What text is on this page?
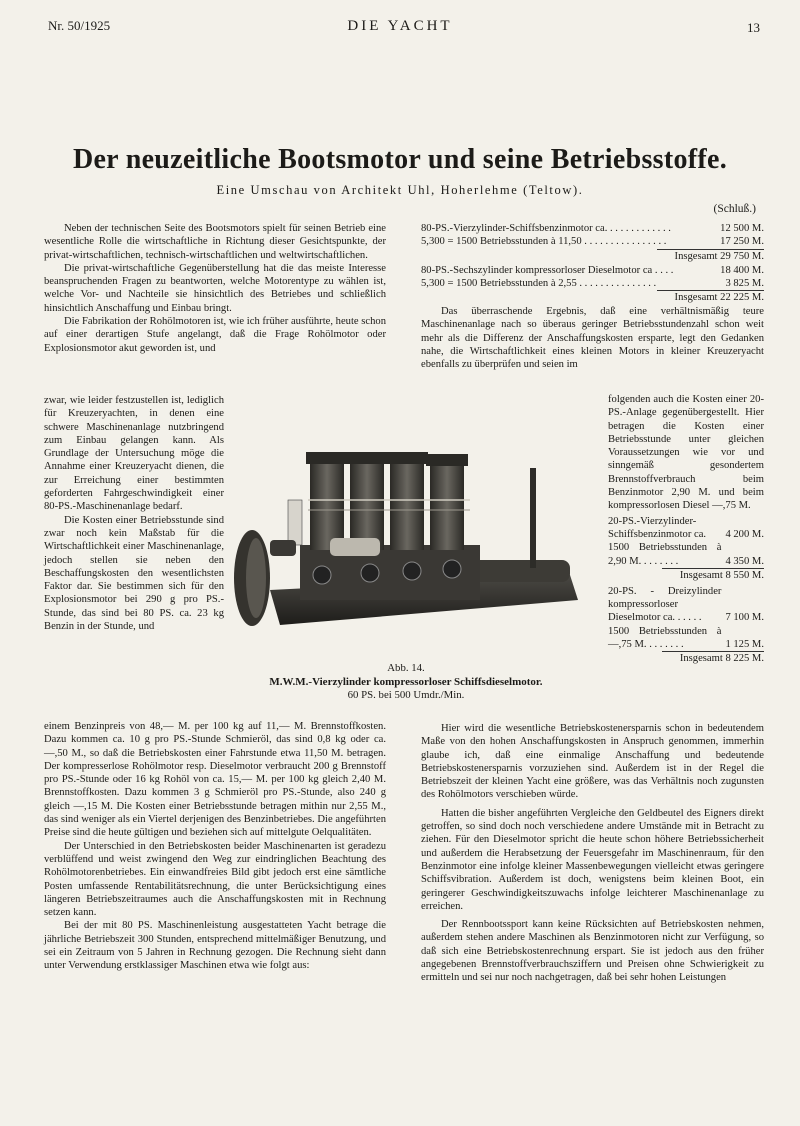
Nr. 50/1925	DIE YACHT	13
Der neuzeitliche Bootsmotor und seine Betriebsstoffe.
Eine Umschau von Architekt Uhl, Hoherlehme (Teltow).
(Schluß.)

Neben der technischen Seite des Bootsmotors spielt für seinen Betrieb eine wesentliche Rolle die wirtschaftliche in Richtung dieser Gesichtspunkte, der privat-wirtschaftlichen, technisch-wirtschaftlichen und weltwirtschaftlichen.

Die privat-wirtschaftliche Gegenüberstellung hat die das meiste Interesse beanspruchenden Fragen zu beantworten, welche Motorentype zu wählen ist, welche Vor- und Nachteile sie hinsichtlich des Betriebes und schließlich hinsichtlich Anschaffung und Einbau bringt.

Die Fabrikation der Rohölmotoren ist, wie ich früher ausführte, heute schon auf einer derartigen Stufe angelangt, daß die Frage Rohölmotor oder Explosionsmotor akut geworden ist, und

zwar, wie leider festzustellen ist, lediglich für Kreuzeryachten, in denen eine schwere Maschinenanlage nutzbringend zum Einbau gelangen kann. Als Grundlage der Untersuchung möge die Annahme einer Kreuzeryacht dienen, die zur Erreichung einer bestimmten geforderten Fahrgeschwindigkeit einer 80-PS.-Maschinenanlage bedarf.

Die Kosten einer Betriebsstunde sind zwar noch kein Maßstab für die Wirtschaftlichkeit einer Maschinenanlage, jedoch stellen sie neben den Beschaffungskosten den wesentlichsten Faktor dar. Sie bestimmen sich für den Explosionsmotor bei 290 g pro PS.-Stunde, das sind bei 80 PS. ca. 23 kg Benzin in der Stunde, und

einem Benzinpreis von 48,— M. per 100 kg auf 11,— M. Brennstoffkosten. Dazu kommen ca. 10 g pro PS.-Stunde Schmieröl, das sind 0,8 kg oder ca. —,50 M., so daß die Betriebskosten einer Fahrstunde etwa 11,50 M. betragen. Der kompresserlose Rohölmotor resp. Dieselmotor verbraucht 200 g Brennstoff pro PS.-Stunde oder 16 kg Rohöl von ca. 15,— M. per 100 kg gleich 2,40 M. Brennstoffkosten. Dazu kommen 3 g Schmieröl pro PS.-Stunde, also 240 g gleich —,15 M. Die Kosten einer Betriebsstunde betragen mithin nur 2,55 M., das sind weniger als ein Viertel derjenigen des Benzinbetriebes. Die angeführten Preise sind die heute gültigen und beziehen sich auf mittelgute Oelqualitäten.

Der Unterschied in den Betriebskosten beider Maschinenarten ist geradezu verblüffend und weist zwingend den Weg zur eindringlichen Beachtung des Rohölmotorenbetriebes. Ein einwandfreies Bild gibt jedoch erst eine sämtliche Posten umfassende Rentabilitätsrechnung, die unter Berücksichtigung eines längeren Betriebszeitraumes auch die Anschaffungskosten mit in Rechnung setzen kann.

Bei der mit 80 PS. Maschinenleistung ausgestatteten Yacht betrage die jährliche Betriebszeit 300 Stunden, entsprechend mittelmäßiger Benutzung, und sei ein Zeitraum von 5 Jahren in Rechnung gezogen. Die Rechnung sieht dann unter Verwendung erstklassiger Maschinen etwa wie folgt aus:

80-PS.-Vierzylinder-Schiffsbenzinmotor ca. . . . . . . . . . . . .	12 500 M.
5,300 = 1500 Betriebsstunden à 11,50 . . . . . . . . . . . . . . . .	17 250 M.
Insgesamt 29 750 M.
80-PS.-Sechszylinder kompressorloser Dieselmotor ca . . . .	18 400 M.
5,300 = 1500 Betriebsstunden à 2,55 . . . . . . . . . . . . . . .	3 825 M.
Insgesamt 22 225 M.

Das überraschende Ergebnis, daß eine verhältnismäßig teure Maschinenanlage nach so überaus geringer Betriebsstundenzahl schon weit mehr als die Differenz der Anschaffungskosten ersparte, legt den Gedanken nahe, die Wirtschaftlichkeit eines kleinen Motors in kleiner Kreuzeryacht ebenfalls zu überprüfen und seien im

folgenden auch die Kosten einer 20-PS.-Anlage gegenübergestellt. Hier betragen die Kosten einer Betriebsstunde unter gleichen Voraussetzungen wie vor und sinngemäß gesondertem Brennstoffverbrauch beim Benzinmotor 2,90 M. und beim kompressorlosen Diesel —,75 M.
20-PS.-Vierzylinder-Schiffsbenzinmotor ca.	4 200 M.
1500 Betriebsstunden à 2,90 M. . . . . . . .	4 350 M.
Insgesamt 8 550 M.
20-PS. - Dreizylinder kompressorloser Dieselmotor ca. . . . . .	7 100 M.
1500 Betriebsstunden à —,75 M. . . . . . . .	1 125 M.
Insgesamt 8 225 M.

Hier wird die wesentliche Betriebskostenersparnis schon in bedeutendem Maße von den hohen Anschaffungskosten in Anspruch genommen, immerhin glaube ich, daß eine einmalige Anschaffung und bedeutende Betriebskostenersparnis vorzuziehen sind. Außerdem ist in der Regel die Betriebszeit der kleinen Yacht eine größere, was das Verhältnis noch zugunsten des Rohölmotors verschieben würde.

Hatten die bisher angeführten Vergleiche den Geldbeutel des Eigners direkt getroffen, so sind doch noch verschiedene andere Umstände mit in Betracht zu ziehen. Für den Dieselmotor spricht die heute schon höhere Betriebssicherheit und außerdem die Herabsetzung der Feuersgefahr im Maschinenraum, für den Benzinmotor eine infolge kleiner Massenbewegungen vielleicht etwas geringere Schiffsvibration. Außerdem ist doch, wenigstens beim kleinen Boot, ein geringerer Geschwindigkeitszuwachs infolge leichterer Maschinenanlage zu erreichen.

Der Rennbootssport kann keine Rücksichten auf Betriebskosten nehmen, außerdem stehen andere Maschinen als Benzinmotoren nicht zur Verfügung, so daß sich eine Betriebskostenrechnung erspart. Sie ist jedoch aus den früher angegebenen Brennstoffverbrauchsziffern und Preisen ohne Schwierigkeit zu ermitteln und sei nur noch nachgetragen, daß bei sehr hohen Leistungen

Abb. 14.
M.W.M.-Vierzylinder kompressorloser Schiffsdieselmotor.
60 PS. bei 500 Umdr./Min.
